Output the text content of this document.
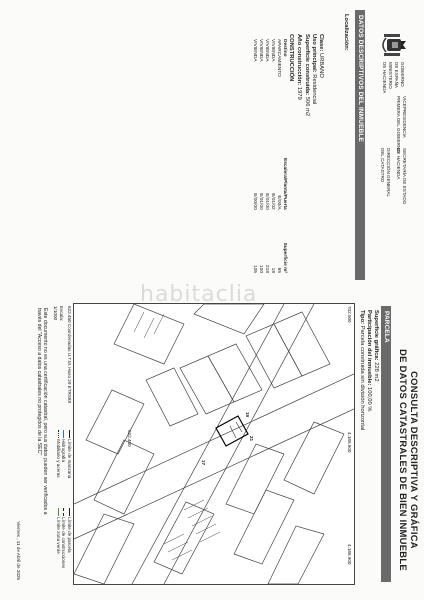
GOBIERNO
DE ESPAÑA
MINISTERIO
DE HACIENDA
VICEPRESIDENCIA
PRIMERA DEL GOBIERNO
SECRETARÍA DE ESTADO
DE HACIENDA
DIRECCIÓN GENERAL
DEL CATASTRO
DATOS DESCRIPTIVOS DEL INMUEBLE
Localización:
Clase: URBANO
Uso principal: Residencial
Superficie construida: 506 m2
Año construcción: 1979
CONSTRUCCIÓN
Destino	Escalera/Planta/Puerta	Superficie m²
APARCAMIENTO	E/00/A	65
VIVIENDA	E/01/02	18
VIVIENDA	E/01/00	218
VIVIENDA	E/01/00	100
VIVIENDA	E/00/00	105
CONSULTA DESCRIPTIVA Y GRÁFICA
DE DATOS CATASTRALES DE BIEN INMUEBLE
PARCELA
Superficie gráfica: 228 m2
Participación del inmueble: 100,00 %
Tipo: Parcela construida sin división horizontal
702.500
4.188.500
4.188.900
622.400
19
21
17
622.450 Coordenadas U.T.M. Huso 29 ETRS89
Escala:
1/1000
Límite de manzana
Límite de parcela
Hidrografía
Límite de construcciones
Mobiliario y aceras
Límite zona verde
Este documento no es una certificación catastral, pero sus datos pueden ser verificados a
través del "Acceso a datos catastrales no protegidos de la SEC"
Viernes , 11 de Abril de 2025
habitaclia
